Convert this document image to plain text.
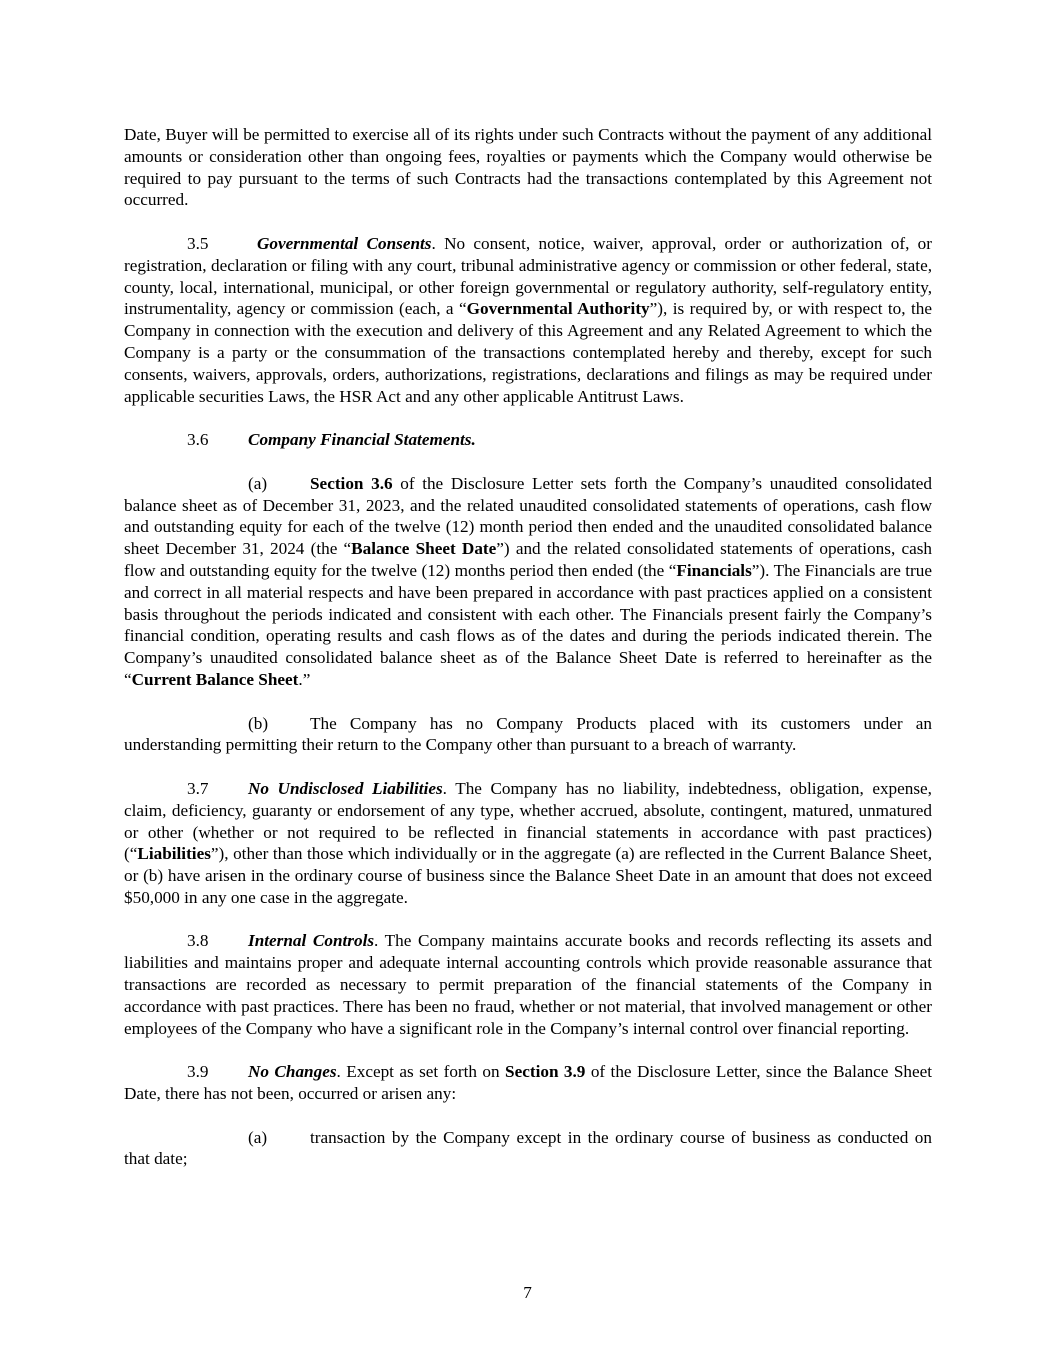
Date, Buyer will be permitted to exercise all of its rights under such Contracts without the payment of any additional amounts or consideration other than ongoing fees, royalties or payments which the Company would otherwise be required to pay pursuant to the terms of such Contracts had the transactions contemplated by this Agreement not occurred.

3.5	Governmental Consents. No consent, notice, waiver, approval, order or authorization of, or registration, declaration or filing with any court, tribunal administrative agency or commission or other federal, state, county, local, international, municipal, or other foreign governmental or regulatory authority, self-regulatory entity, instrumentality, agency or commission (each, a “Governmental Authority”), is required by, or with respect to, the Company in connection with the execution and delivery of this Agreement and any Related Agreement to which the Company is a party or the consummation of the transactions contemplated hereby and thereby, except for such consents, waivers, approvals, orders, authorizations, registrations, declarations and filings as may be required under applicable securities Laws, the HSR Act and any other applicable Antitrust Laws.

3.6 Company Financial Statements.

(a) Section 3.6 of the Disclosure Letter sets forth the Company’s unaudited consolidated balance sheet as of December 31, 2023, and the related unaudited consolidated statements of operations, cash flow and outstanding equity for each of the twelve (12) month period then ended and the unaudited consolidated balance sheet December 31, 2024 (the “Balance Sheet Date”) and the related consolidated statements of operations, cash flow and outstanding equity for the twelve (12) months period then ended (the “Financials”). The Financials are true and correct in all material respects and have been prepared in accordance with past practices applied on a consistent basis throughout the periods indicated and consistent with each other. The Financials present fairly the Company’s financial condition, operating results and cash flows as of the dates and during the periods indicated therein. The Company’s unaudited consolidated balance sheet as of the Balance Sheet Date is referred to hereinafter as the “Current Balance Sheet.”

(b) The Company has no Company Products placed with its customers under an understanding permitting their return to the Company other than pursuant to a breach of warranty.

3.7 No Undisclosed Liabilities. The Company has no liability, indebtedness, obligation, expense, claim, deficiency, guaranty or endorsement of any type, whether accrued, absolute, contingent, matured, unmatured or other (whether or not required to be reflected in financial statements in accordance with past practices) (“Liabilities”), other than those which individually or in the aggregate (a) are reflected in the Current Balance Sheet, or (b) have arisen in the ordinary course of business since the Balance Sheet Date in an amount that does not exceed $50,000 in any one case in the aggregate.

3.8 Internal Controls. The Company maintains accurate books and records reflecting its assets and liabilities and maintains proper and adequate internal accounting controls which provide reasonable assurance that transactions are recorded as necessary to permit preparation of the financial statements of the Company in accordance with past practices. There has been no fraud, whether or not material, that involved management or other employees of the Company who have a significant role in the Company’s internal control over financial reporting.

3.9 No Changes. Except as set forth on Section 3.9 of the Disclosure Letter, since the Balance Sheet Date, there has not been, occurred or arisen any:

(a) transaction by the Company except in the ordinary course of business as conducted on that date;

7
